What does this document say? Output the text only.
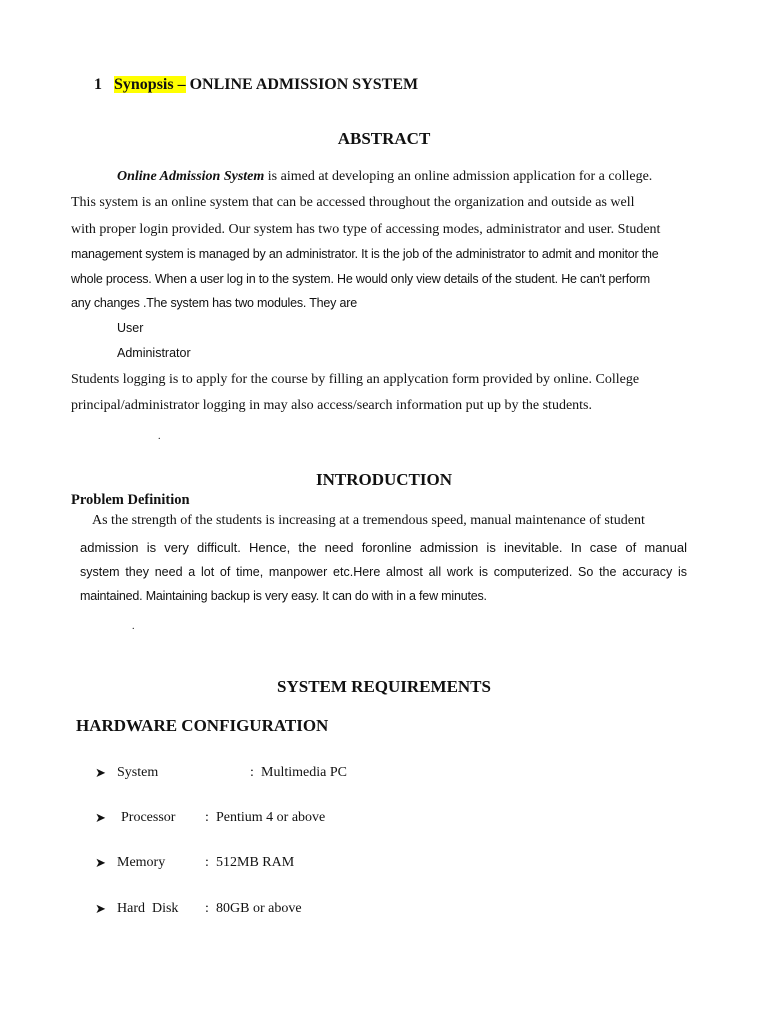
1 Synopsis – ONLINE ADMISSION SYSTEM
ABSTRACT
Online Admission System is aimed at developing an online admission application for a college.
This system is an online system that can be accessed throughout the organization and outside as well
with proper login provided. Our system has two type of accessing modes, administrator and user. Student
management system is managed by an administrator. It is the job of the administrator to admit and monitor the
whole process. When a user log in to the system. He would only view details of the student. He can't perform
any changes .The system has two modules. They are
User
Administrator
Students logging is to apply for the course by filling an applycation form provided by online. College
principal/administrator logging in may also access/search information put up by the students.
.
INTRODUCTION
Problem Definition
As the strength of the students is increasing at a tremendous speed, manual maintenance of student
admission is very difficult. Hence, the need foronline admission is inevitable. In case of manual
system they need a lot of time, manpower etc.Here almost all work is computerized. So the accuracy is
maintained. Maintaining backup is very easy. It can do with in a few minutes.
.
SYSTEM REQUIREMENTS
HARDWARE CONFIGURATION
➤ System	: Multimedia PC
➤ Processor : Pentium 4 or above
➤ Memory	: 512MB RAM
➤ Hard  Disk : 80GB or above
